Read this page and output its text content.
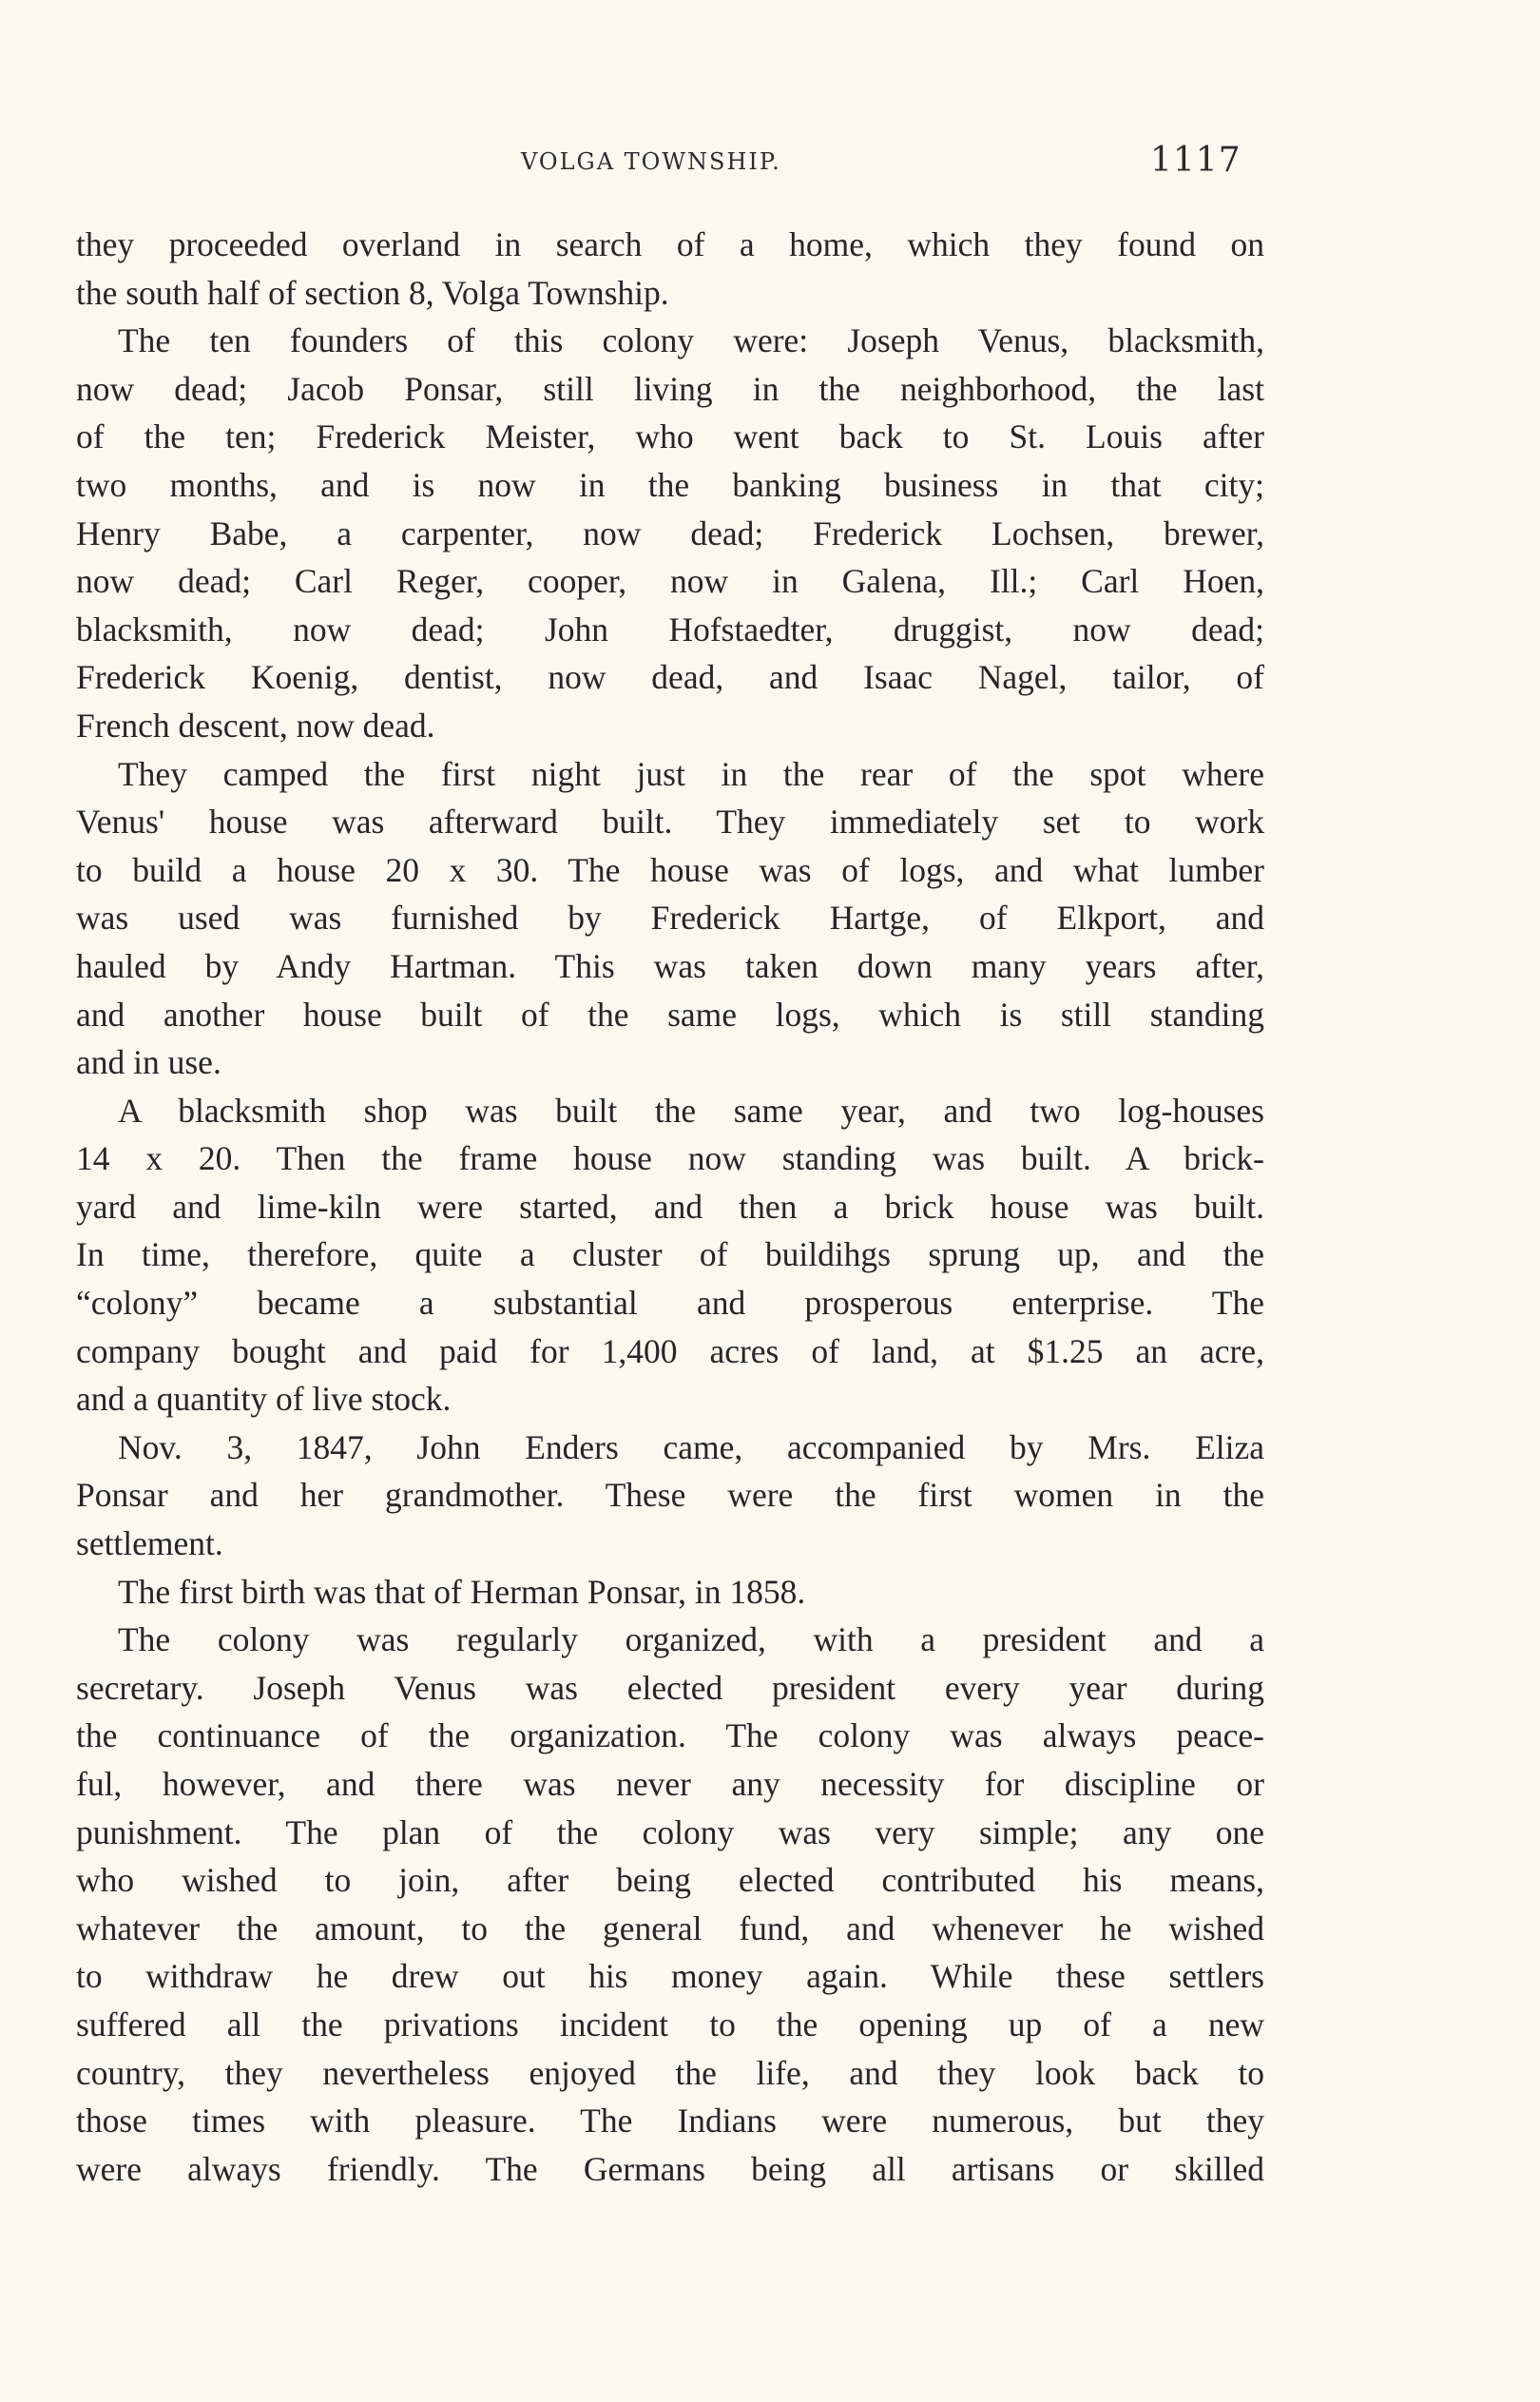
VOLGA TOWNSHIP.	1117
they proceeded overland in search of a home, which they found on
the south half of section 8, Volga Township.
The ten founders of this colony were: Joseph Venus, blacksmith,
now dead; Jacob Ponsar, still living in the neighborhood, the last
of the ten; Frederick Meister, who went back to St. Louis after
two months, and is now in the banking business in that city;
Henry Babe, a carpenter, now dead; Frederick Lochsen, brewer,
now dead; Carl Reger, cooper, now in Galena, Ill.; Carl Hoen,
blacksmith, now dead; John Hofstaedter, druggist, now dead;
Frederick Koenig, dentist, now dead, and Isaac Nagel, tailor, of
French descent, now dead.
They camped the first night just in the rear of the spot where
Venus' house was afterward built. They immediately set to work
to build a house 20 x 30. The house was of logs, and what lumber
was used was furnished by Frederick Hartge, of Elkport, and
hauled by Andy Hartman. This was taken down many years after,
and another house built of the same logs, which is still standing
and in use.
A blacksmith shop was built the same year, and two log-houses
14 x 20. Then the frame house now standing was built. A brick-
yard and lime-kiln were started, and then a brick house was built.
In time, therefore, quite a cluster of buildihgs sprung up, and the
“colony” became a substantial and prosperous enterprise. The
company bought and paid for 1,400 acres of land, at $1.25 an acre,
and a quantity of live stock.
Nov. 3, 1847, John Enders came, accompanied by Mrs. Eliza
Ponsar and her grandmother. These were the first women in the
settlement.
The first birth was that of Herman Ponsar, in 1858.
The colony was regularly organized, with a president and a
secretary. Joseph Venus was elected president every year during
the continuance of the organization. The colony was always peace-
ful, however, and there was never any necessity for discipline or
punishment. The plan of the colony was very simple; any one
who wished to join, after being elected contributed his means,
whatever the amount, to the general fund, and whenever he wished
to withdraw he drew out his money again. While these settlers
suffered all the privations incident to the opening up of a new
country, they nevertheless enjoyed the life, and they look back to
those times with pleasure. The Indians were numerous, but they
were always friendly. The Germans being all artisans or skilled
